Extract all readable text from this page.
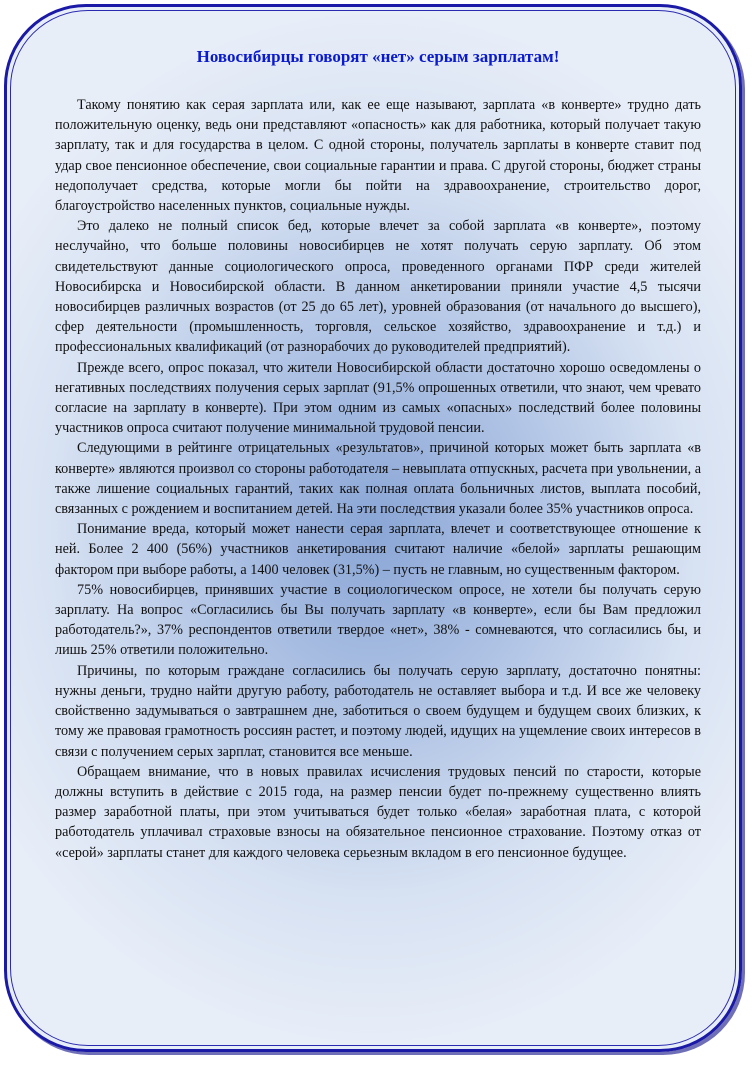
Новосибирцы говорят «нет» серым зарплатам!

Такому понятию как серая зарплата или, как ее еще называют, зарплата «в конверте» трудно дать положительную оценку, ведь они представляют «опасность» как для работника, который получает такую зарплату, так и для государства в целом. С одной стороны, получатель зарплаты в конверте ставит под удар свое пенсионное обеспечение, свои социальные гарантии и права. С другой стороны, бюджет страны недополучает средства, которые могли бы пойти на здравоохранение, строительство дорог, благоустройство населенных пунктов, социальные нужды.

Это далеко не полный список бед, которые влечет за собой зарплата «в конверте», поэтому неслучайно, что больше половины новосибирцев не хотят получать серую зарплату. Об этом свидетельствуют данные социологического опроса, проведенного органами ПФР среди жителей Новосибирска и Новосибирской области. В данном анкетировании приняли участие 4,5 тысячи новосибирцев различных возрастов (от 25 до 65 лет), уровней образования (от начального до высшего), сфер деятельности (промышленность, торговля, сельское хозяйство, здравоохранение и т.д.) и профессиональных квалификаций (от разнорабочих до руководителей предприятий).

Прежде всего, опрос показал, что жители Новосибирской области достаточно хорошо осведомлены о негативных последствиях получения серых зарплат (91,5% опрошенных ответили, что знают, чем чревато согласие на зарплату в конверте). При этом одним из самых «опасных» последствий более половины участников опроса считают получение минимальной трудовой пенсии.

Следующими в рейтинге отрицательных «результатов», причиной которых может быть зарплата «в конверте» являются произвол со стороны работодателя – невыплата отпускных, расчета при увольнении, а также лишение социальных гарантий, таких как полная оплата больничных листов, выплата пособий, связанных с рождением и воспитанием детей. На эти последствия указали более 35% участников опроса.

Понимание вреда, который может нанести серая зарплата, влечет и соответствующее отношение к ней. Более 2 400 (56%) участников анкетирования считают наличие «белой» зарплаты решающим фактором при выборе работы, а 1400 человек (31,5%) – пусть не главным, но существенным фактором.

75% новосибирцев, принявших участие в социологическом опросе, не хотели бы получать серую зарплату. На вопрос «Согласились бы Вы получать зарплату «в конверте», если бы Вам предложил работодатель?», 37% респондентов ответили твердое «нет», 38% - сомневаются, что согласились бы, и лишь 25% ответили положительно.

Причины, по которым граждане согласились бы получать серую зарплату, достаточно понятны: нужны деньги, трудно найти другую работу, работодатель не оставляет выбора и т.д. И все же человеку свойственно задумываться о завтрашнем дне, заботиться о своем будущем и будущем своих близких, к тому же правовая грамотность россиян растет, и поэтому людей, идущих на ущемление своих интересов в связи с получением серых зарплат, становится все меньше.

Обращаем внимание, что в новых правилах исчисления трудовых пенсий по старости, которые должны вступить в действие с 2015 года, на размер пенсии будет по-прежнему существенно влиять размер заработной платы, при этом учитываться будет только «белая» заработная плата, с которой работодатель уплачивал страховые взносы на обязательное пенсионное страхование. Поэтому отказ от «серой» зарплаты станет для каждого человека серьезным вкладом в его пенсионное будущее.
